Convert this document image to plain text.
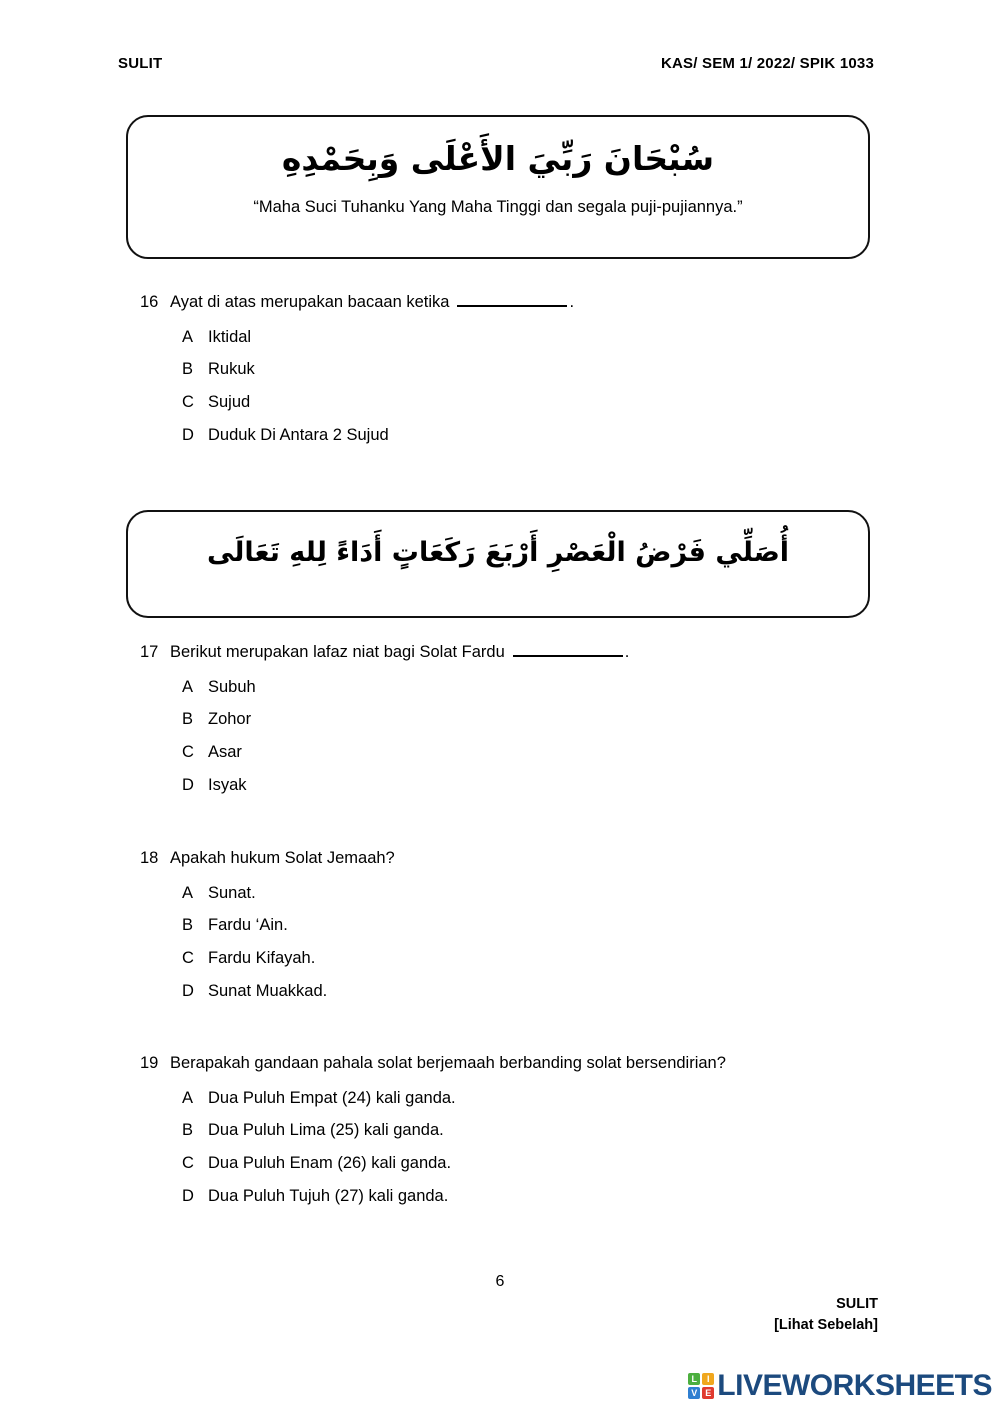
SULIT	KAS/ SEM 1/ 2022/ SPIK 1033
سُبْحَانَ رَبِّيَ الأَعْلَى وَبِحَمْدِهِ
“Maha Suci Tuhanku Yang Maha Tinggi dan segala puji-pujiannya.”
16 Ayat di atas merupakan bacaan ketika	.
A Iktidal
B Rukuk
C Sujud
D Duduk Di Antara 2 Sujud
أُصَلِّي فَرْضُ الْعَصْرِ أَرْبَعَ رَكَعَاتٍ أَدَاءً لِلهِ تَعَالَى
17 Berikut merupakan lafaz niat bagi Solat Fardu	.
A Subuh
B Zohor
C Asar
D Isyak
18 Apakah hukum Solat Jemaah?
A Sunat.
B Fardu ‘Ain.
C Fardu Kifayah.
D Sunat Muakkad.
19 Berapakah gandaan pahala solat berjemaah berbanding solat bersendirian?
A Dua Puluh Empat (24) kali ganda.
B Dua Puluh Lima (25) kali ganda.
C Dua Puluh Enam (26) kali ganda.
D Dua Puluh Tujuh (27) kali ganda.
6
SULIT
[Lihat Sebelah]
L	I
V E LIVEWORKSHEETS
